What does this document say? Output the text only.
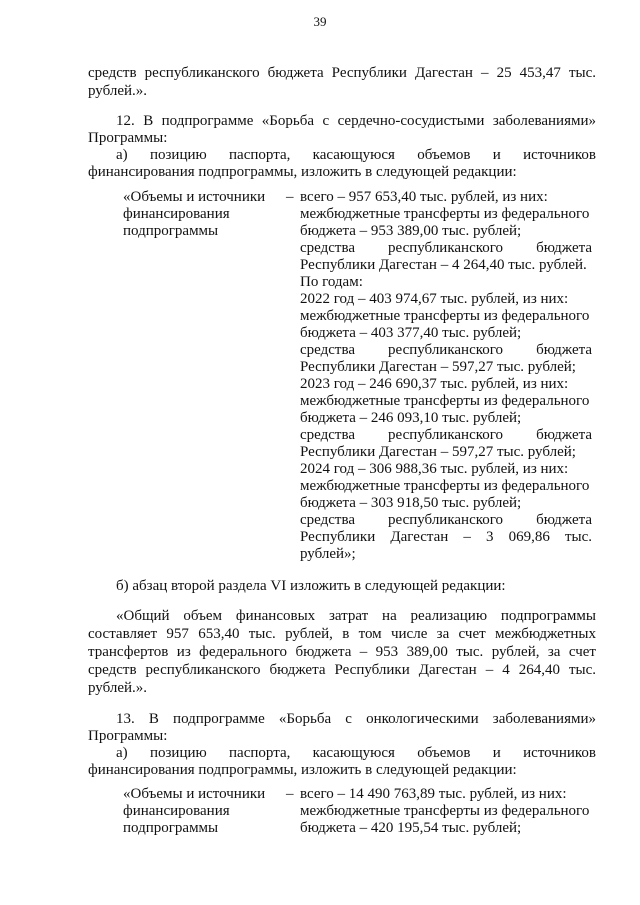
39
средств республиканского бюджета Республики Дагестан – 25 453,47 тыс.
рублей.».
12. В подпрограмме «Борьба с сердечно-сосудистыми заболеваниями»
Программы:
а) позицию паспорта, касающуюся объемов и источников
финансирования подпрограммы, изложить в следующей редакции:
«Объемы и источники
финансирования
подпрограммы
– всего – 957 653,40 тыс. рублей, из них:
межбюджетные трансферты из федерального
бюджета – 953 389,00 тыс. рублей;
средства республиканского бюджета
Республики Дагестан – 4 264,40 тыс. рублей.
По годам:
2022 год – 403 974,67 тыс. рублей, из них:
межбюджетные трансферты из федерального
бюджета – 403 377,40 тыс. рублей;
средства республиканского бюджета
Республики Дагестан – 597,27 тыс. рублей;
2023 год – 246 690,37 тыс. рублей, из них:
межбюджетные трансферты из федерального
бюджета – 246 093,10 тыс. рублей;
средства республиканского бюджета
Республики Дагестан – 597,27 тыс. рублей;
2024 год – 306 988,36 тыс. рублей, из них:
межбюджетные трансферты из федерального
бюджета – 303 918,50 тыс. рублей;
средства республиканского бюджета
Республики Дагестан – 3 069,86 тыс.
рублей»;
б) абзац второй раздела VI изложить в следующей редакции:
«Общий объем финансовых затрат на реализацию подпрограммы
составляет 957 653,40 тыс. рублей, в том числе за счет межбюджетных
трансфертов из федерального бюджета – 953 389,00 тыс. рублей, за счет
средств республиканского бюджета Республики Дагестан – 4 264,40 тыс.
рублей.».
13. В подпрограмме «Борьба с онкологическими заболеваниями»
Программы:
а) позицию паспорта, касающуюся объемов и источников
финансирования подпрограммы, изложить в следующей редакции:
«Объемы и источники
финансирования
подпрограммы
– всего – 14 490 763,89 тыс. рублей, из них:
межбюджетные трансферты из федерального
бюджета – 420 195,54 тыс. рублей;
